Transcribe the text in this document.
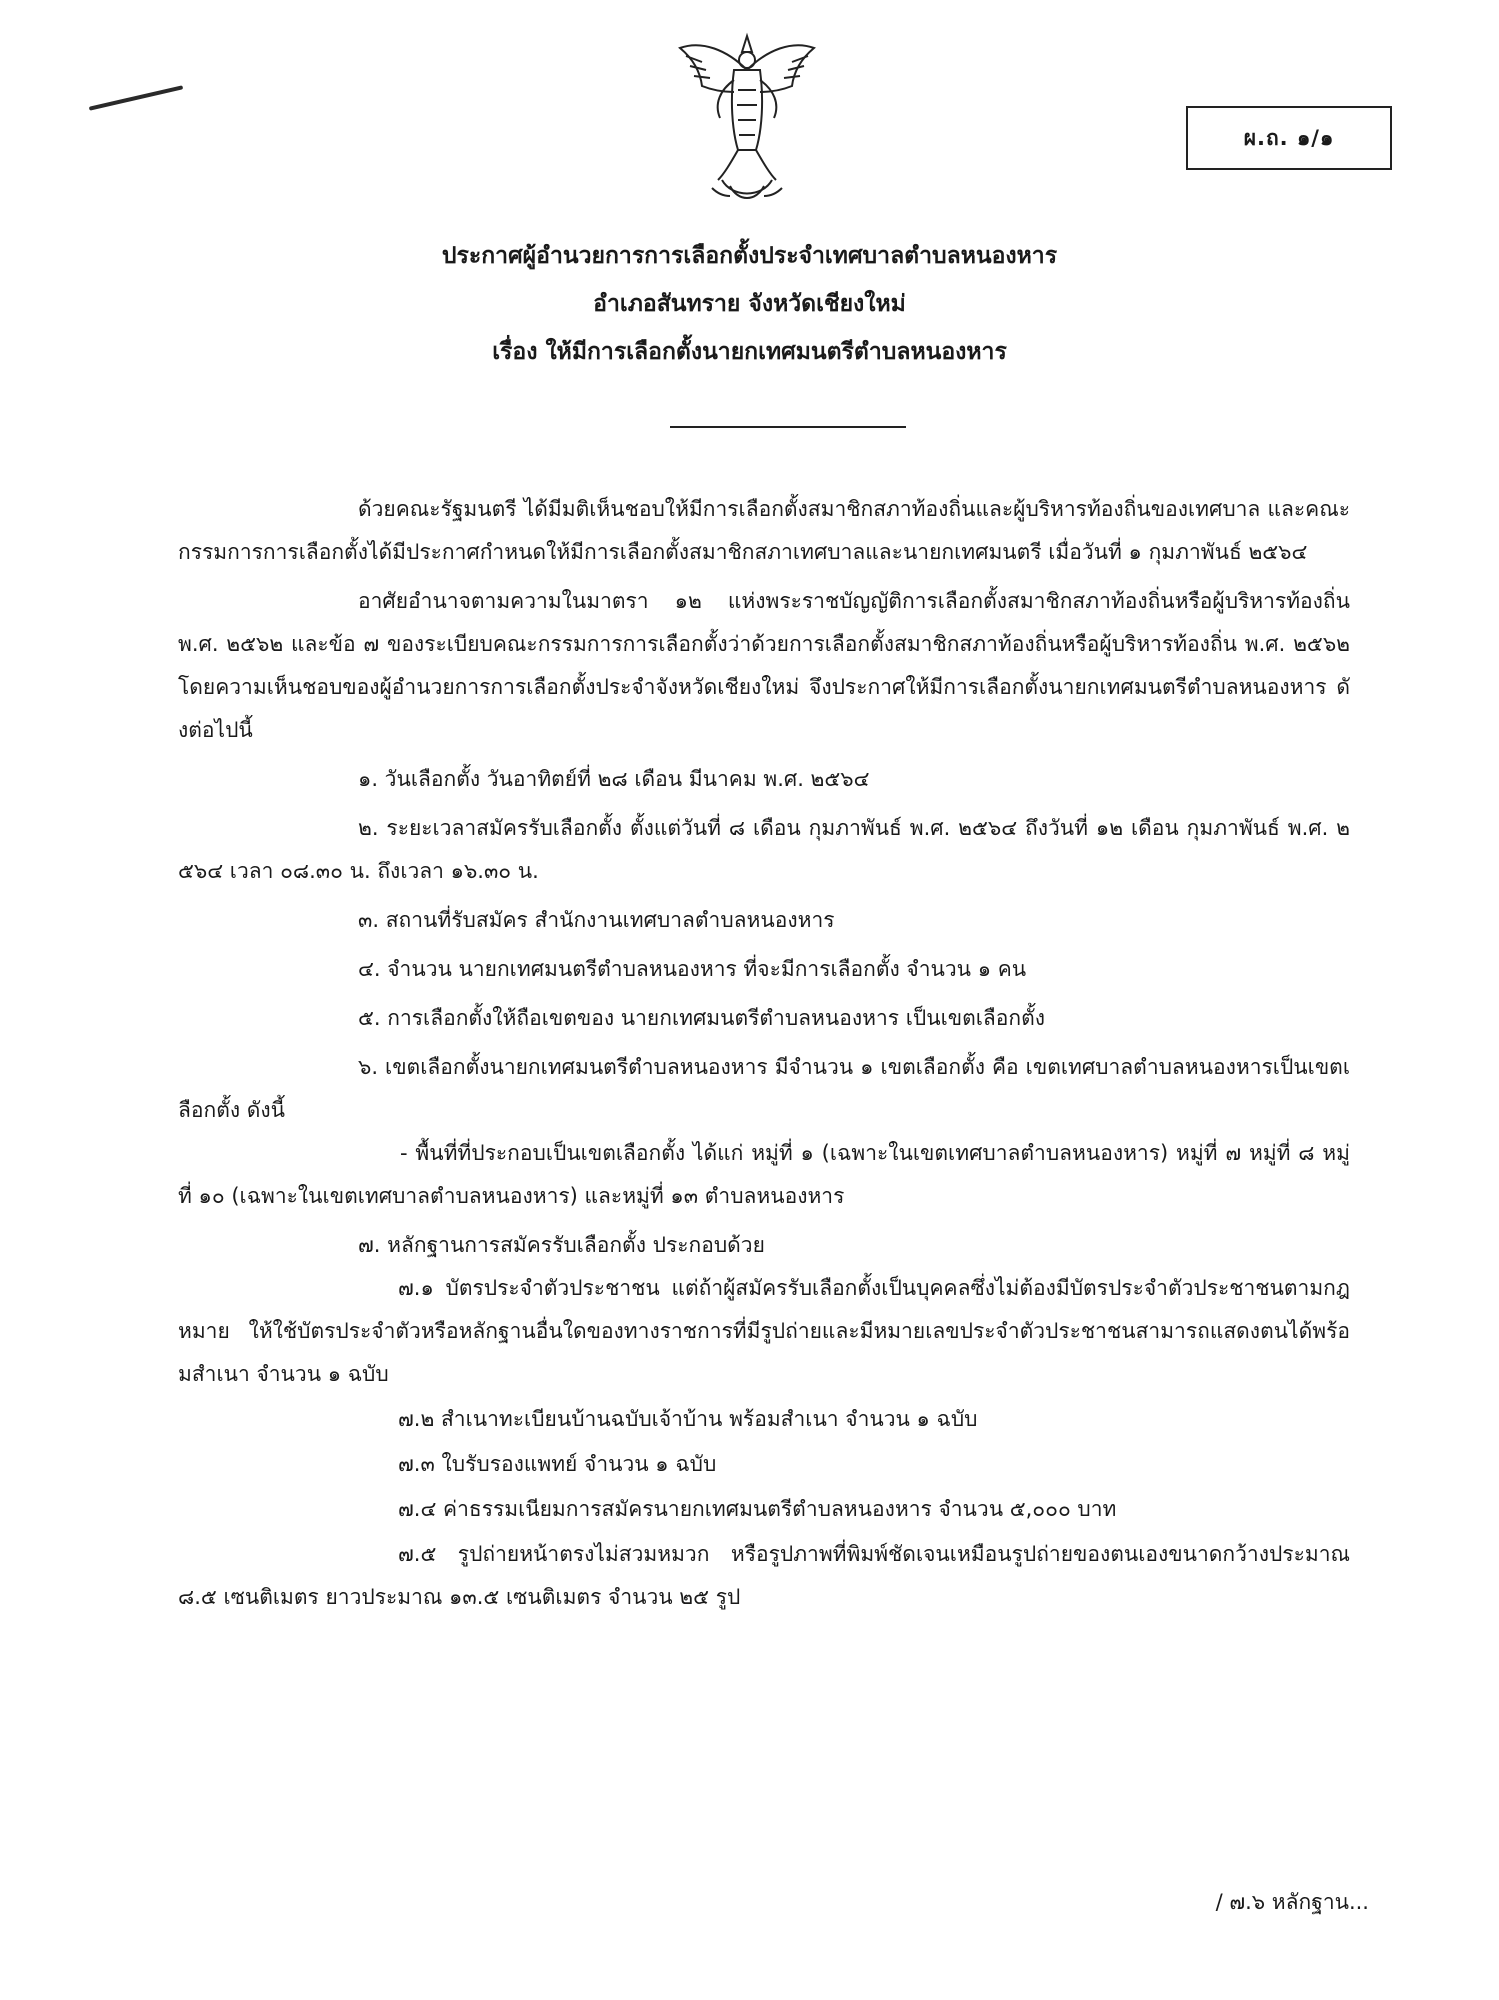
ผ.ถ. ๑/๑
ประกาศผู้อำนวยการการเลือกตั้งประจำเทศบาลตำบลหนองหาร
อำเภอสันทราย จังหวัดเชียงใหม่
เรื่อง ให้มีการเลือกตั้งนายกเทศมนตรีตำบลหนองหาร

ด้วยคณะรัฐมนตรี ได้มีมติเห็นชอบให้มีการเลือกตั้งสมาชิกสภาท้องถิ่นและผู้บริหารท้องถิ่นของเทศบาล และคณะกรรมการการเลือกตั้งได้มีประกาศกำหนดให้มีการเลือกตั้งสมาชิกสภาเทศบาลและนายกเทศมนตรี เมื่อวันที่ ๑ กุมภาพันธ์ ๒๕๖๔

อาศัยอำนาจตามความในมาตรา ๑๒ แห่งพระราชบัญญัติการเลือกตั้งสมาชิกสภาท้องถิ่นหรือผู้บริหารท้องถิ่น พ.ศ. ๒๕๖๒ และข้อ ๗ ของระเบียบคณะกรรมการการเลือกตั้งว่าด้วยการเลือกตั้งสมาชิกสภาท้องถิ่นหรือผู้บริหารท้องถิ่น พ.ศ. ๒๕๖๒ โดยความเห็นชอบของผู้อำนวยการการเลือกตั้งประจำจังหวัดเชียงใหม่ จึงประกาศให้มีการเลือกตั้งนายกเทศมนตรีตำบลหนองหาร ดังต่อไปนี้

๑. วันเลือกตั้ง วันอาทิตย์ที่ ๒๘ เดือน มีนาคม พ.ศ. ๒๕๖๔

๒. ระยะเวลาสมัครรับเลือกตั้ง ตั้งแต่วันที่ ๘ เดือน กุมภาพันธ์ พ.ศ. ๒๕๖๔ ถึงวันที่ ๑๒ เดือน กุมภาพันธ์ พ.ศ. ๒๕๖๔ เวลา ๐๘.๓๐ น. ถึงเวลา ๑๖.๓๐ น.

๓. สถานที่รับสมัคร สำนักงานเทศบาลตำบลหนองหาร

๔. จำนวน นายกเทศมนตรีตำบลหนองหาร ที่จะมีการเลือกตั้ง จำนวน ๑ คน

๕. การเลือกตั้งให้ถือเขตของ นายกเทศมนตรีตำบลหนองหาร เป็นเขตเลือกตั้ง

๖. เขตเลือกตั้งนายกเทศมนตรีตำบลหนองหาร มีจำนวน ๑ เขตเลือกตั้ง คือ เขตเทศบาลตำบลหนองหารเป็นเขตเลือกตั้ง ดังนี้

- พื้นที่ที่ประกอบเป็นเขตเลือกตั้ง ได้แก่ หมู่ที่ ๑ (เฉพาะในเขตเทศบาลตำบลหนองหาร) หมู่ที่ ๗ หมู่ที่ ๘ หมู่ที่ ๑๐ (เฉพาะในเขตเทศบาลตำบลหนองหาร) และหมู่ที่ ๑๓ ตำบลหนองหาร

๗. หลักฐานการสมัครรับเลือกตั้ง ประกอบด้วย

๗.๑ บัตรประจำตัวประชาชน แต่ถ้าผู้สมัครรับเลือกตั้งเป็นบุคคลซึ่งไม่ต้องมีบัตรประจำตัวประชาชนตามกฎหมาย ให้ใช้บัตรประจำตัวหรือหลักฐานอื่นใดของทางราชการที่มีรูปถ่ายและมีหมายเลขประจำตัวประชาชนสามารถแสดงตนได้พร้อมสำเนา จำนวน ๑ ฉบับ

๗.๒ สำเนาทะเบียนบ้านฉบับเจ้าบ้าน พร้อมสำเนา จำนวน ๑ ฉบับ

๗.๓ ใบรับรองแพทย์ จำนวน ๑ ฉบับ

๗.๔ ค่าธรรมเนียมการสมัครนายกเทศมนตรีตำบลหนองหาร จำนวน ๕,๐๐๐ บาท

๗.๕ รูปถ่ายหน้าตรงไม่สวมหมวก หรือรูปภาพที่พิมพ์ชัดเจนเหมือนรูปถ่ายของตนเองขนาดกว้างประมาณ ๘.๕ เซนติเมตร ยาวประมาณ ๑๓.๕ เซนติเมตร จำนวน ๒๕ รูป

/ ๗.๖ หลักฐาน...
